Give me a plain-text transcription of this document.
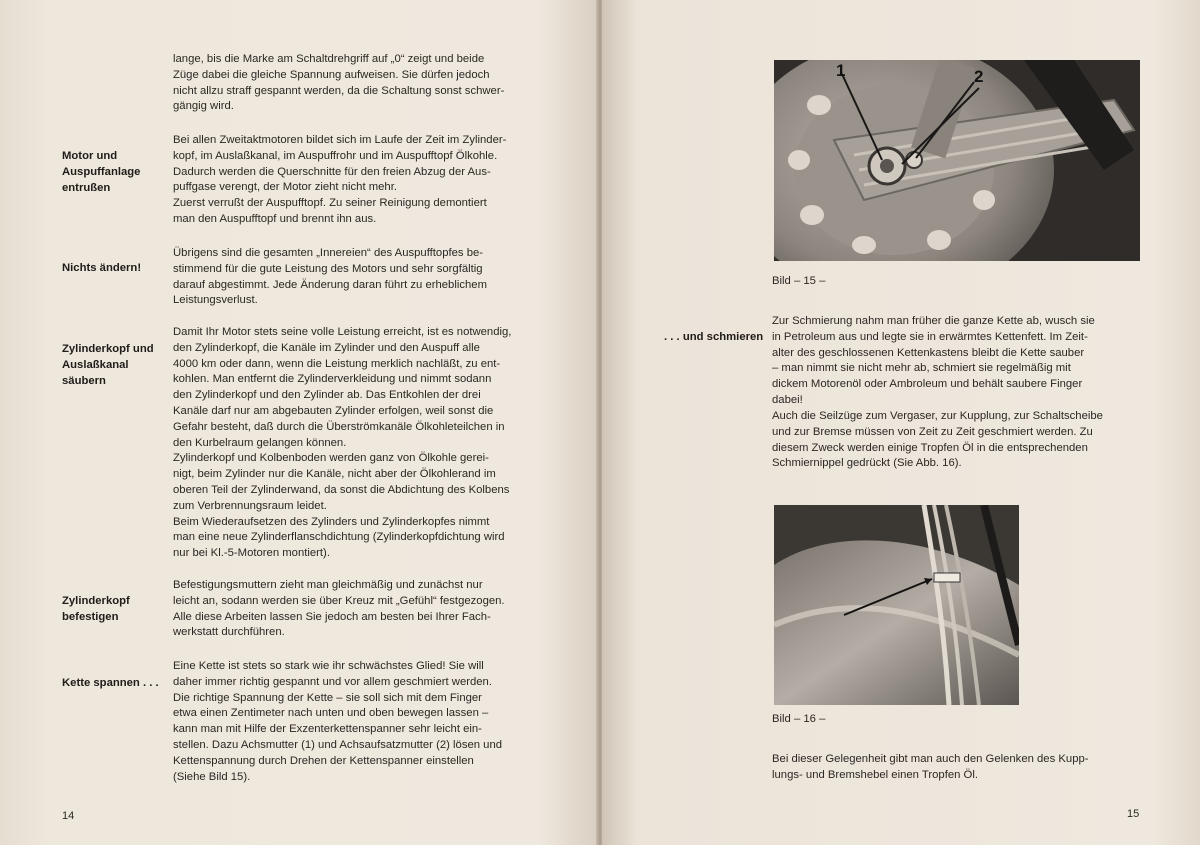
lange, bis die Marke am Schaltdrehgriff auf „0“ zeigt und beide
Züge dabei die gleiche Spannung aufweisen. Sie dürfen jedoch
nicht allzu straff gespannt werden, da die Schaltung sonst schwer-
gängig wird.
Motor und
Auspuffanlage
entrußen
Bei allen Zweitaktmotoren bildet sich im Laufe der Zeit im Zylinder-
kopf, im Auslaßkanal, im Auspuffrohr und im Auspufftopf Ölkohle.
Dadurch werden die Querschnitte für den freien Abzug der Aus-
puffgase verengt, der Motor zieht nicht mehr.
Zuerst verrußt der Auspufftopf. Zu seiner Reinigung demontiert
man den Auspufftopf und brennt ihn aus.
Nichts ändern!
Übrigens sind die gesamten „Innereien“ des Auspufftopfes be-
stimmend für die gute Leistung des Motors und sehr sorgfältig
darauf abgestimmt. Jede Änderung daran führt zu erheblichem
Leistungsverlust.
Zylinderkopf und
Auslaßkanal
säubern
Damit Ihr Motor stets seine volle Leistung erreicht, ist es notwendig,
den Zylinderkopf, die Kanäle im Zylinder und den Auspuff alle
4000 km oder dann, wenn die Leistung merklich nachläßt, zu ent-
kohlen. Man entfernt die Zylinderverkleidung und nimmt sodann
den Zylinderkopf und den Zylinder ab. Das Entkohlen der drei
Kanäle darf nur am abgebauten Zylinder erfolgen, weil sonst die
Gefahr besteht, daß durch die Überströmkanäle Ölkohleteilchen in
den Kurbelraum gelangen können.
Zylinderkopf und Kolbenboden werden ganz von Ölkohle gerei-
nigt, beim Zylinder nur die Kanäle, nicht aber der Ölkohlerand im
oberen Teil der Zylinderwand, da sonst die Abdichtung des Kolbens
zum Verbrennungsraum leidet.
Beim Wiederaufsetzen des Zylinders und Zylinderkopfes nimmt
man eine neue Zylinderflanschdichtung (Zylinderkopfdichtung wird
nur bei Kl.-5-Motoren montiert).
Zylinderkopf
befestigen
Befestigungsmuttern zieht man gleichmäßig und zunächst nur
leicht an, sodann werden sie über Kreuz mit „Gefühl“ festgezogen.
Alle diese Arbeiten lassen Sie jedoch am besten bei Ihrer Fach-
werkstatt durchführen.
Kette spannen . . .
Eine Kette ist stets so stark wie ihr schwächstes Glied! Sie will
daher immer richtig gespannt und vor allem geschmiert werden.
Die richtige Spannung der Kette – sie soll sich mit dem Finger
etwa einen Zentimeter nach unten und oben bewegen lassen –
kann man mit Hilfe der Exzenterkettenspanner sehr leicht ein-
stellen. Dazu Achsmutter (1) und Achsaufsatzmutter (2) lösen und
Kettenspannung durch Drehen der Kettenspanner einstellen
(Siehe Bild 15).
14
1	2
Bild – 15 –
. . . und schmieren
Zur Schmierung nahm man früher die ganze Kette ab, wusch sie
in Petroleum aus und legte sie in erwärmtes Kettenfett. Im Zeit-
alter des geschlossenen Kettenkastens bleibt die Kette sauber
– man nimmt sie nicht mehr ab, schmiert sie regelmäßig mit
dickem Motorenöl oder Ambroleum und behält saubere Finger
dabei!
Auch die Seilzüge zum Vergaser, zur Kupplung, zur Schaltscheibe
und zur Bremse müssen von Zeit zu Zeit geschmiert werden. Zu
diesem Zweck werden einige Tropfen Öl in die entsprechenden
Schmiernippel gedrückt (Sie Abb. 16).
Bild – 16 –
Bei dieser Gelegenheit gibt man auch den Gelenken des Kupp-
lungs- und Bremshebel einen Tropfen Öl.
15
